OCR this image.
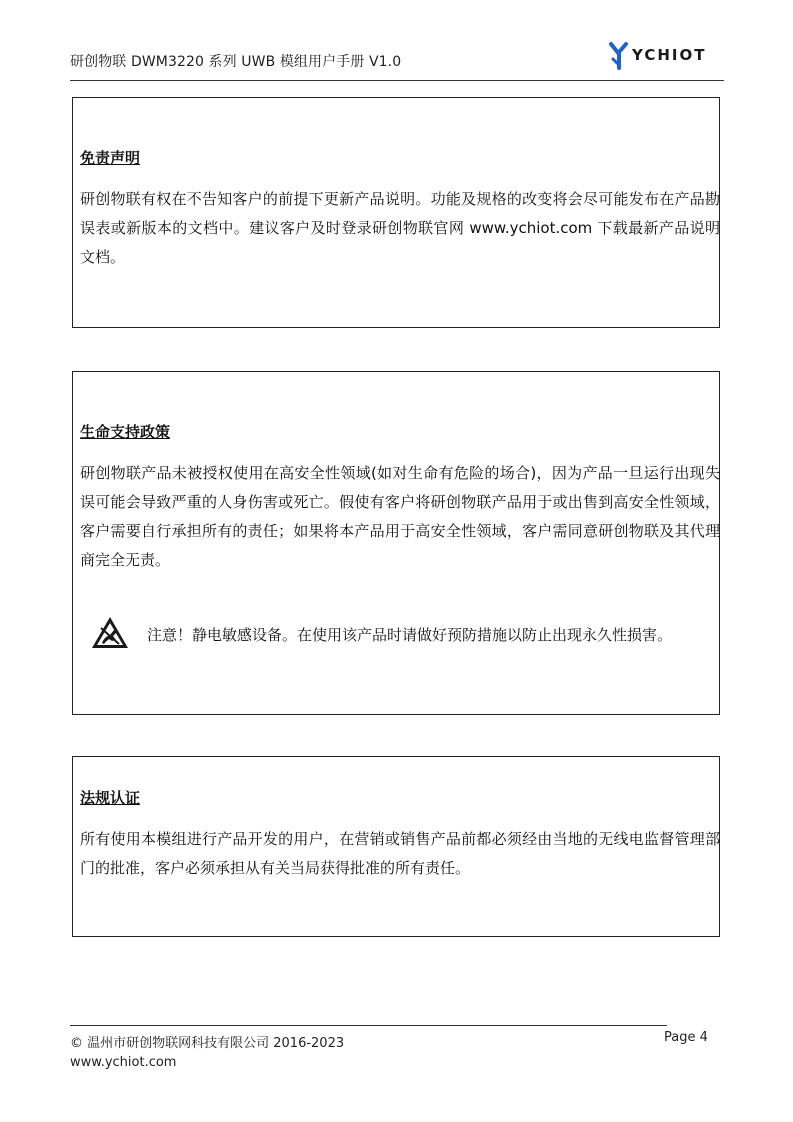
研创物联 DWM3220 系列 UWB 模组用户手册 V1.0	YCHIOT
免责声明
研创物联有权在不告知客户的前提下更新产品说明。功能及规格的改变将会尽可能发布在产品勘误表或新版本的文档中。建议客户及时登录研创物联官网 www.ychiot.com 下载最新产品说明文档。
生命支持政策
研创物联产品未被授权使用在高安全性领域(如对生命有危险的场合)，因为产品一旦运行出现失误可能会导致严重的人身伤害或死亡。假使有客户将研创物联产品用于或出售到高安全性领域，客户需要自行承担所有的责任；如果将本产品用于高安全性领域，客户需同意研创物联及其代理商完全无责。
注意！静电敏感设备。在使用该产品时请做好预防措施以防止出现永久性损害。
法规认证
所有使用本模组进行产品开发的用户，在营销或销售产品前都必须经由当地的无线电监督管理部门的批准，客户必须承担从有关当局获得批准的所有责任。
© 温州市研创物联网科技有限公司 2016-2023	Page 4
www.ychiot.com
